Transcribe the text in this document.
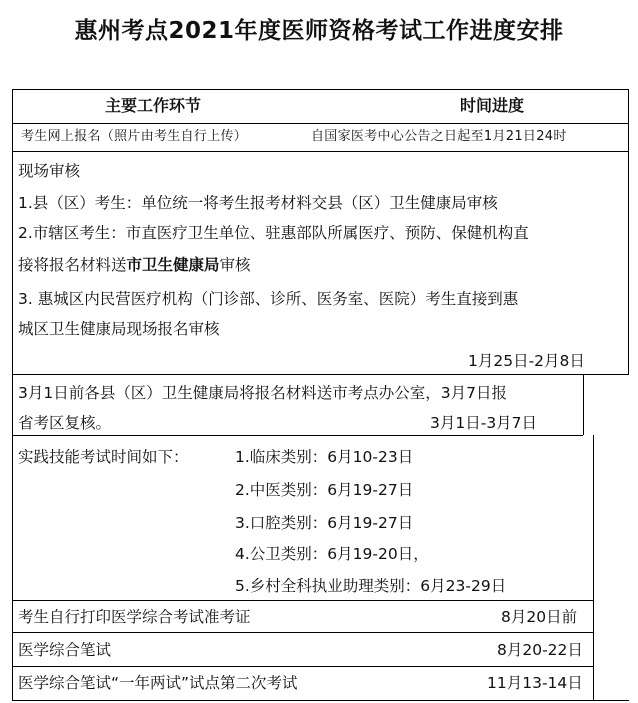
惠州考点2021年度医师资格考试工作进度安排
主要工作环节	时间进度
考生网上报名（照片由考生自行上传）	自国家医考中心公告之日起至1月21日24时
现场审核
1.县（区）考生：单位统一将考生报考材料交县（区）卫生健康局审核
2.市辖区考生：市直医疗卫生单位、驻惠部队所属医疗、预防、保健机构直
接将报名材料送市卫生健康局审核
3. 惠城区内民营医疗机构（门诊部、诊所、医务室、医院）考生直接到惠
城区卫生健康局现场报名审核
1月25日-2月8日
3月1日前各县（区）卫生健康局将报名材料送市考点办公室，3月7日报
省考区复核。	3月1日-3月7日
实践技能考试时间如下：	1.临床类别：6月10-23日
2.中医类别：6月19-27日
3.口腔类别：6月19-27日
4.公卫类别：6月19-20日，
5.乡村全科执业助理类别：6月23-29日
考生自行打印医学综合考试准考证	8月20日前
医学综合笔试	8月20-22日
医学综合笔试“一年两试”试点第二次考试	11月13-14日
